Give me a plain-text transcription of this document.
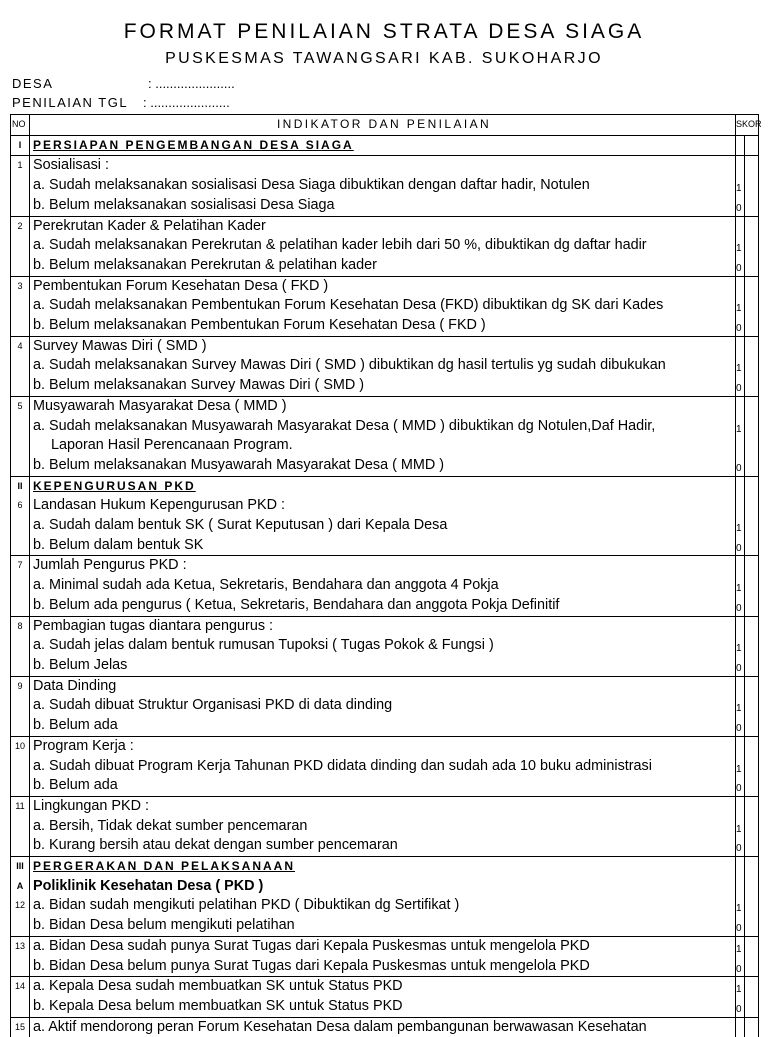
FORMAT PENILAIAN STRATA DESA SIAGA
PUSKESMAS TAWANGSARI KAB. SUKOHARJO
DESA	: ......................
PENILAIAN TGL : ......................
NO	INDIKATOR DAN PENILAIAN	SKOR	
I	PERSIAPAN PENGEMBANGAN DESA SIAGA		
1	Sosialisasi :		
	a. Sudah melaksanakan sosialisasi Desa Siaga dibuktikan dengan daftar hadir, Notulen	1	
	b. Belum melaksanakan sosialisasi Desa Siaga	0	
2	Perekrutan Kader & Pelatihan Kader		
	a. Sudah melaksanakan Perekrutan & pelatihan kader lebih dari 50 %, dibuktikan dg daftar hadir	1	
	b. Belum melaksanakan Perekrutan & pelatihan kader	0	
3	Pembentukan Forum Kesehatan Desa ( FKD )		
	a. Sudah melaksanakan Pembentukan Forum Kesehatan Desa (FKD) dibuktikan dg SK dari Kades	1	
	b. Belum melaksanakan Pembentukan Forum Kesehatan Desa ( FKD )	0	
4	Survey Mawas Diri ( SMD )		
	a. Sudah melaksanakan Survey Mawas Diri ( SMD ) dibuktikan dg hasil tertulis yg sudah dibukukan	1	
	b. Belum melaksanakan Survey Mawas Diri ( SMD )	0	
5	Musyawarah Masyarakat Desa ( MMD )		
	a. Sudah melaksanakan Musyawarah Masyarakat Desa ( MMD ) dibuktikan dg Notulen,Daf Hadir,	1	
	Laporan Hasil Perencanaan Program.		
	b. Belum melaksanakan Musyawarah Masyarakat Desa ( MMD )	0	
II	KEPENGURUSAN PKD		
6	Landasan Hukum Kepengurusan PKD :		
	a. Sudah dalam bentuk SK ( Surat Keputusan ) dari Kepala Desa	1	
	b. Belum dalam bentuk SK	0	
7	Jumlah Pengurus PKD :		
	a. Minimal sudah ada Ketua, Sekretaris, Bendahara dan anggota 4 Pokja	1	
	b. Belum ada pengurus ( Ketua, Sekretaris, Bendahara dan anggota Pokja Definitif	0	
8	Pembagian tugas diantara pengurus :		
	a. Sudah jelas dalam bentuk rumusan Tupoksi ( Tugas Pokok & Fungsi )	1	
	b. Belum Jelas	0	
9	Data Dinding		
	a. Sudah dibuat Struktur Organisasi PKD di data dinding	1	
	b. Belum ada	0	
10	Program Kerja :		
	a. Sudah dibuat Program Kerja Tahunan PKD didata dinding dan sudah ada 10 buku administrasi	1	
	b. Belum ada	0	
11	Lingkungan PKD :		
	a. Bersih, Tidak dekat sumber pencemaran	1	
	b. Kurang bersih atau dekat dengan sumber pencemaran	0	
III	PERGERAKAN DAN PELAKSANAAN		
A	Poliklinik Kesehatan Desa ( PKD )		
12	a. Bidan sudah mengikuti pelatihan PKD ( Dibuktikan dg Sertifikat )	1	
	b. Bidan Desa belum mengikuti pelatihan	0	
13	a. Bidan Desa sudah punya Surat Tugas dari Kepala Puskesmas untuk mengelola PKD	1	
	b. Bidan Desa belum punya Surat Tugas dari Kepala Puskesmas untuk mengelola PKD	0	
14	a. Kepala Desa sudah membuatkan SK untuk Status PKD	1	
	b. Kepala Desa belum membuatkan SK untuk Status PKD	0	
15	a. Aktif mendorong peran Forum Kesehatan Desa dalam pembangunan berwawasan Kesehatan		
